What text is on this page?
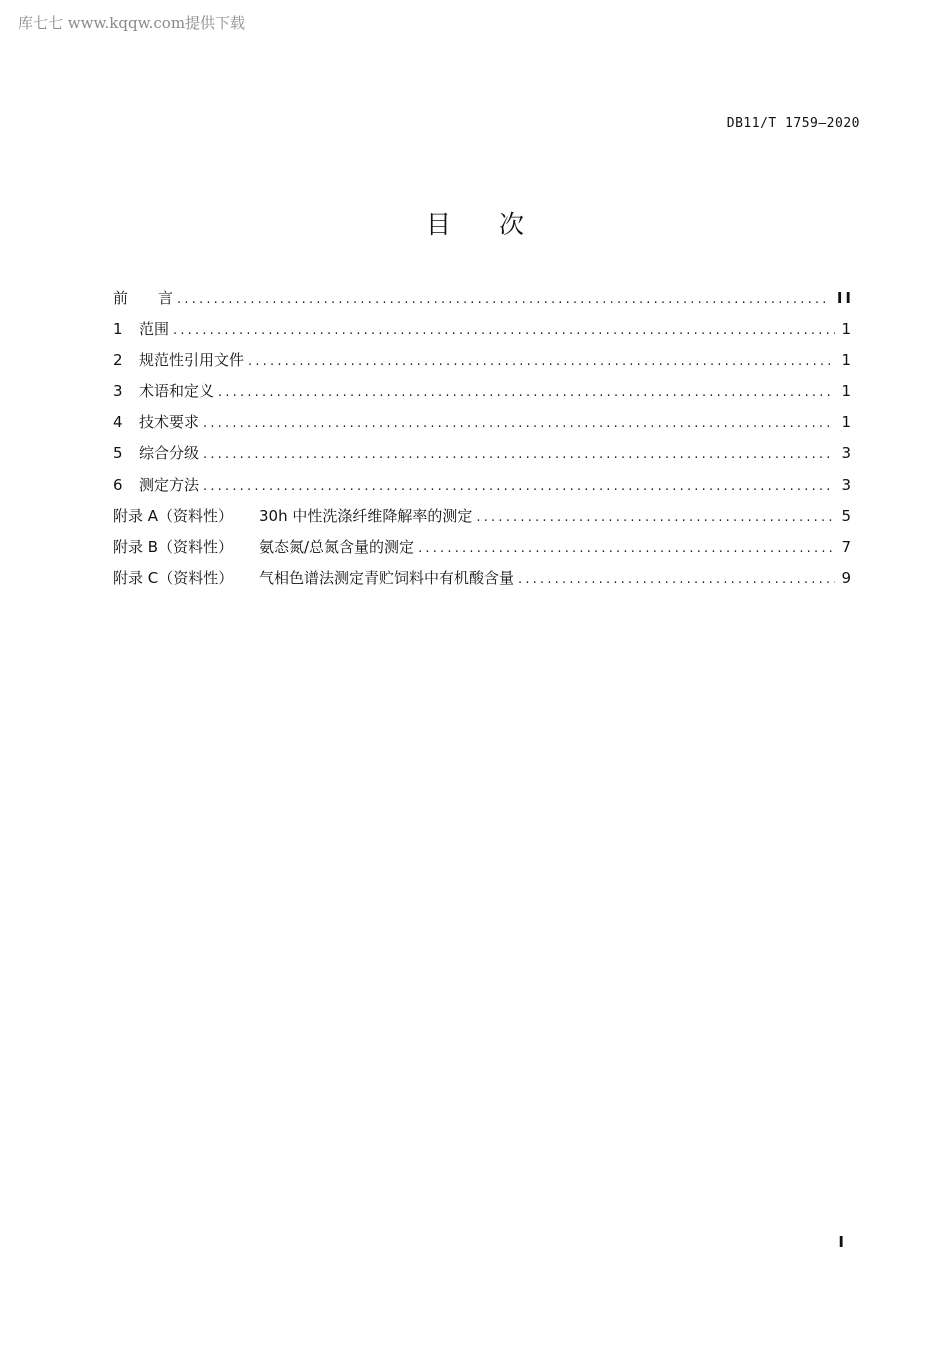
库七七 www.kqqw.com提供下载
DB11/T 1759—2020
目次
前　　言 .....	II
1	范围 .....	1
2	规范性引用文件 .....	1
3	术语和定义 .....	1
4	技术要求 .....	1
5	综合分级 .....	3
6	测定方法 .....	3
附录 A（资料性）	30h 中性洗涤纤维降解率的测定 .....	5
附录 B（资料性）	氨态氮/总氮含量的测定 .....	7
附录 C（资料性）	气相色谱法测定青贮饲料中有机酸含量 .....	9
I
